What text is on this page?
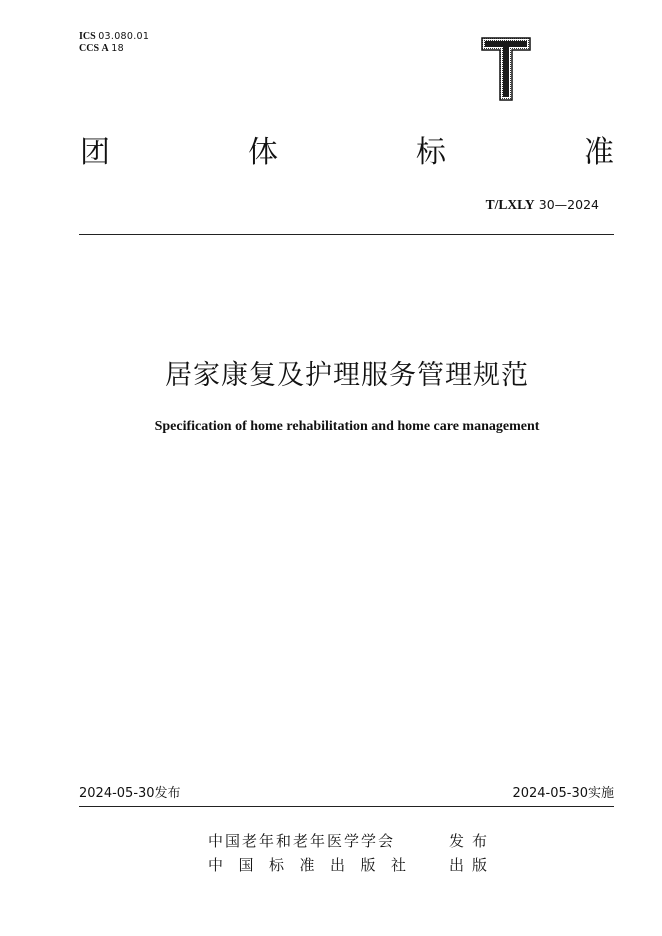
ICS 03.080.01
CCS A 18
团	体	标	准
T/LXLY 30—2024
居家康复及护理服务管理规范
Specification of home rehabilitation and home care management
2024-05-30发布	2024-05-30实施
中国老年和老年医学学会	发布
中国标准出版社 出版
